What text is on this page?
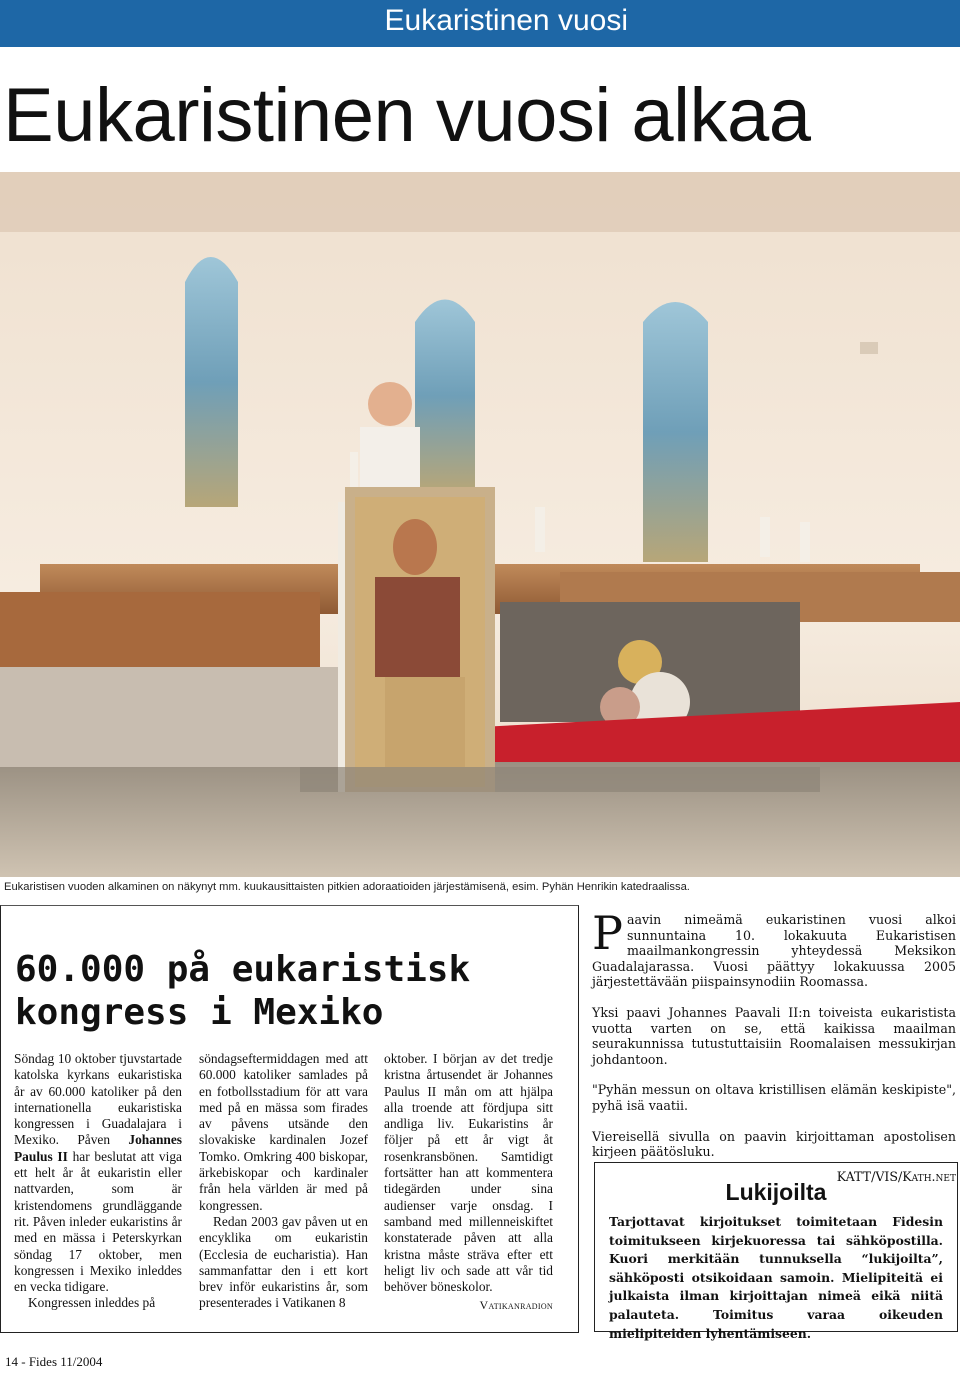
Eukaristinen vuosi
Eukaristinen vuosi alkaa
Eukaristisen vuoden alkaminen on näkynyt mm. kuukausittaisten pitkien adoraatioiden järjestämisenä, esim. Pyhän Henrikin katedraalissa.
60.000 på eukaristisk
kongress i Mexiko

Söndag 10 oktober tjuvstartade katolska kyrkans eukaristiska år av 60.000 katoliker på den internationella eukaristiska kongressen i Guadalajara i Mexiko. Påven Johannes Paulus II har beslutat att viga ett helt år åt eukaristin eller nattvarden, som är kristendomens grundläggande rit. Påven inleder eukaristins år med en mässa i Peterskyrkan söndag 17 oktober, men kongressen i Mexiko inleddes en vecka tidigare.

Kongressen inleddes på

söndagseftermiddagen med att 60.000 katoliker samlades på en fotbollsstadium för att vara med på en mässa som firades av påvens utsände den slovakiske kardinalen Jozef Tomko. Omkring 400 biskopar, ärkebiskopar och kardinaler från hela världen är med på kongressen.

Redan 2003 gav påven ut en encyklika om eukaristin (Ecclesia de eucharistia). Han sammanfattar den i ett kort brev inför eukaristins år, som presenterades i Vatikanen 8

oktober. I början av det tredje kristna årtusendet är Johannes Paulus II mån om att hjälpa alla troende att fördjupa sitt andliga liv. Eukaristins år följer på ett år vigt åt rosenkransbönen. Samtidigt fortsätter han att kommentera tidegärden under sina audienser varje onsdag. I samband med millenneiskiftet konstaterade påven att alla kristna måste sträva efter ett heligt liv och sade att vår tid behöver böneskolor.

Vatikanradion

Paavin nimeämä eukaristinen vuosi alkoi sunnuntaina 10. lokakuuta Eukaristisen maailmankongressin yhteydessä Meksikon Guadalajarassa. Vuosi päättyy lokakuussa 2005 järjestettävään piispainsynodiin Roomassa.

Yksi paavi Johannes Paavali II:n toiveista eukaristista vuotta varten on se, että kaikissa maailman seurakunnissa tutustuttaisiin Roomalaisen messukirjan johdantoon.

"Pyhän messun on oltava kristillisen elämän keskipiste", pyhä isä vaatii.

Viereisellä sivulla on paavin kirjoittaman apostolisen kirjeen päätösluku.

KATT/VIS/Kath.net
Lukijoilta
Tarjottavat kirjoitukset toimitetaan Fidesin toimitukseen kirjekuoressa tai sähköpostilla. Kuori merkitään tunnuksella “lukijoilta”, sähköposti otsikoidaan samoin. Mielipiteitä ei julkaista ilman kirjoittajan nimeä eikä niitä palauteta. Toimitus varaa oikeuden mielipiteiden lyhentämiseen.
14 - Fides 11/2004
